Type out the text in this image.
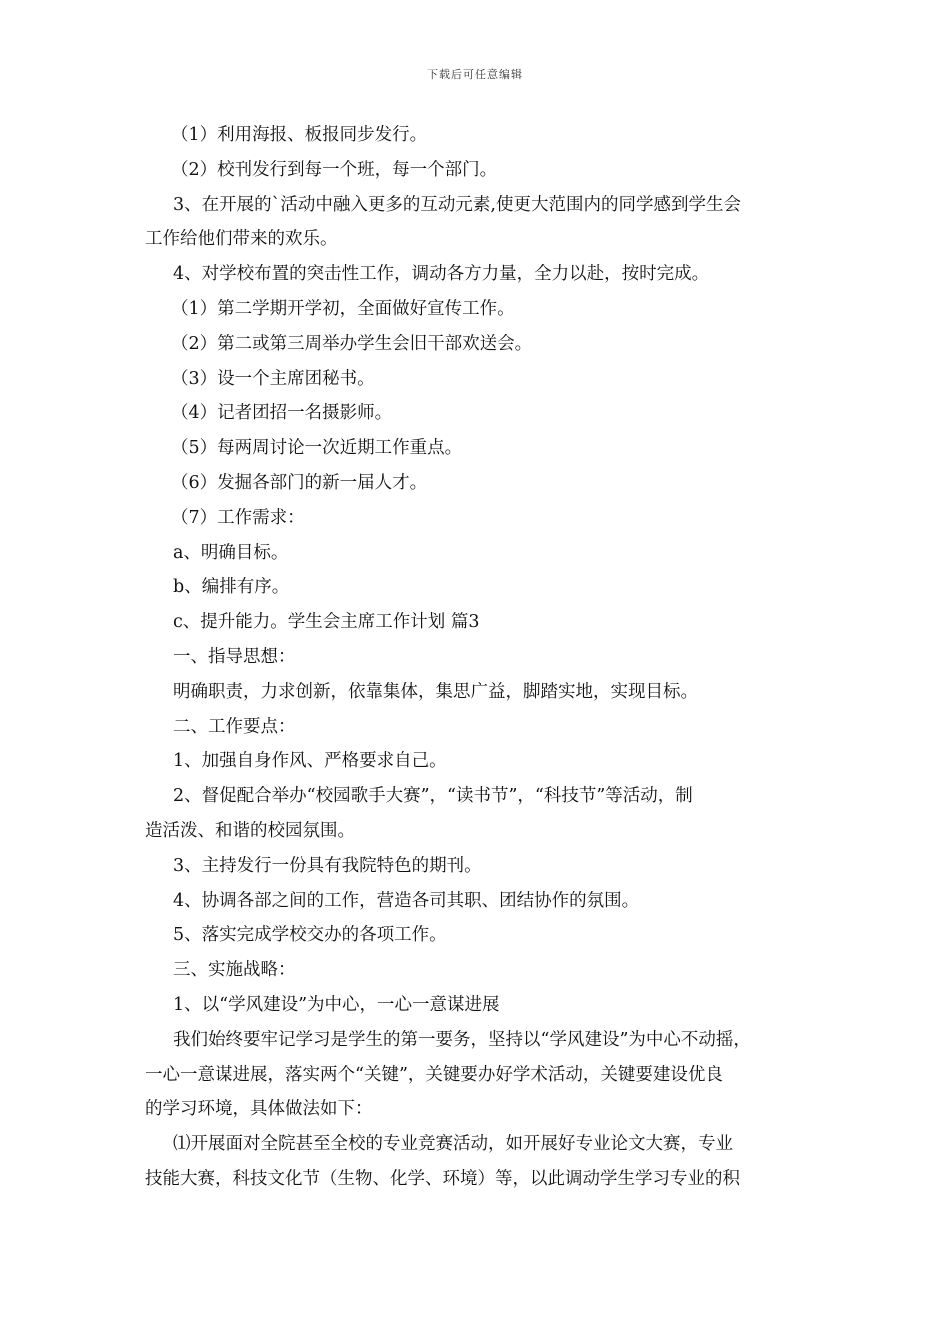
下载后可任意编辑
（1）利用海报、板报同步发行。
（2）校刊发行到每一个班，每一个部门。
3、在开展的`活动中融入更多的互动元素,使更大范围内的同学感到学生会
工作给他们带来的欢乐。
4、对学校布置的突击性工作，调动各方力量，全力以赴，按时完成。
（1）第二学期开学初，全面做好宣传工作。
（2）第二或第三周举办学生会旧干部欢送会。
（3）设一个主席团秘书。
（4）记者团招一名摄影师。
（5）每两周讨论一次近期工作重点。
（6）发掘各部门的新一届人才。
（7）工作需求：
a、明确目标。
b、编排有序。
c、提升能力。学生会主席工作计划 篇3
一、指导思想：
明确职责，力求创新，依靠集体，集思广益，脚踏实地，实现目标。
二、工作要点：
1、加强自身作风、严格要求自己。
2、督促配合举办“校园歌手大赛”，“读书节”，“科技节”等活动，制
造活泼、和谐的校园氛围。
3、主持发行一份具有我院特色的期刊。
4、协调各部之间的工作，营造各司其职、团结协作的氛围。
5、落实完成学校交办的各项工作。
三、实施战略：
1、以“学风建设”为中心，一心一意谋进展
我们始终要牢记学习是学生的第一要务，坚持以“学风建设”为中心不动摇，
一心一意谋进展，落实两个“关键”，关键要办好学术活动，关键要建设优良
的学习环境，具体做法如下：
⑴开展面对全院甚至全校的专业竞赛活动，如开展好专业论文大赛，专业
技能大赛，科技文化节（生物、化学、环境）等，以此调动学生学习专业的积
